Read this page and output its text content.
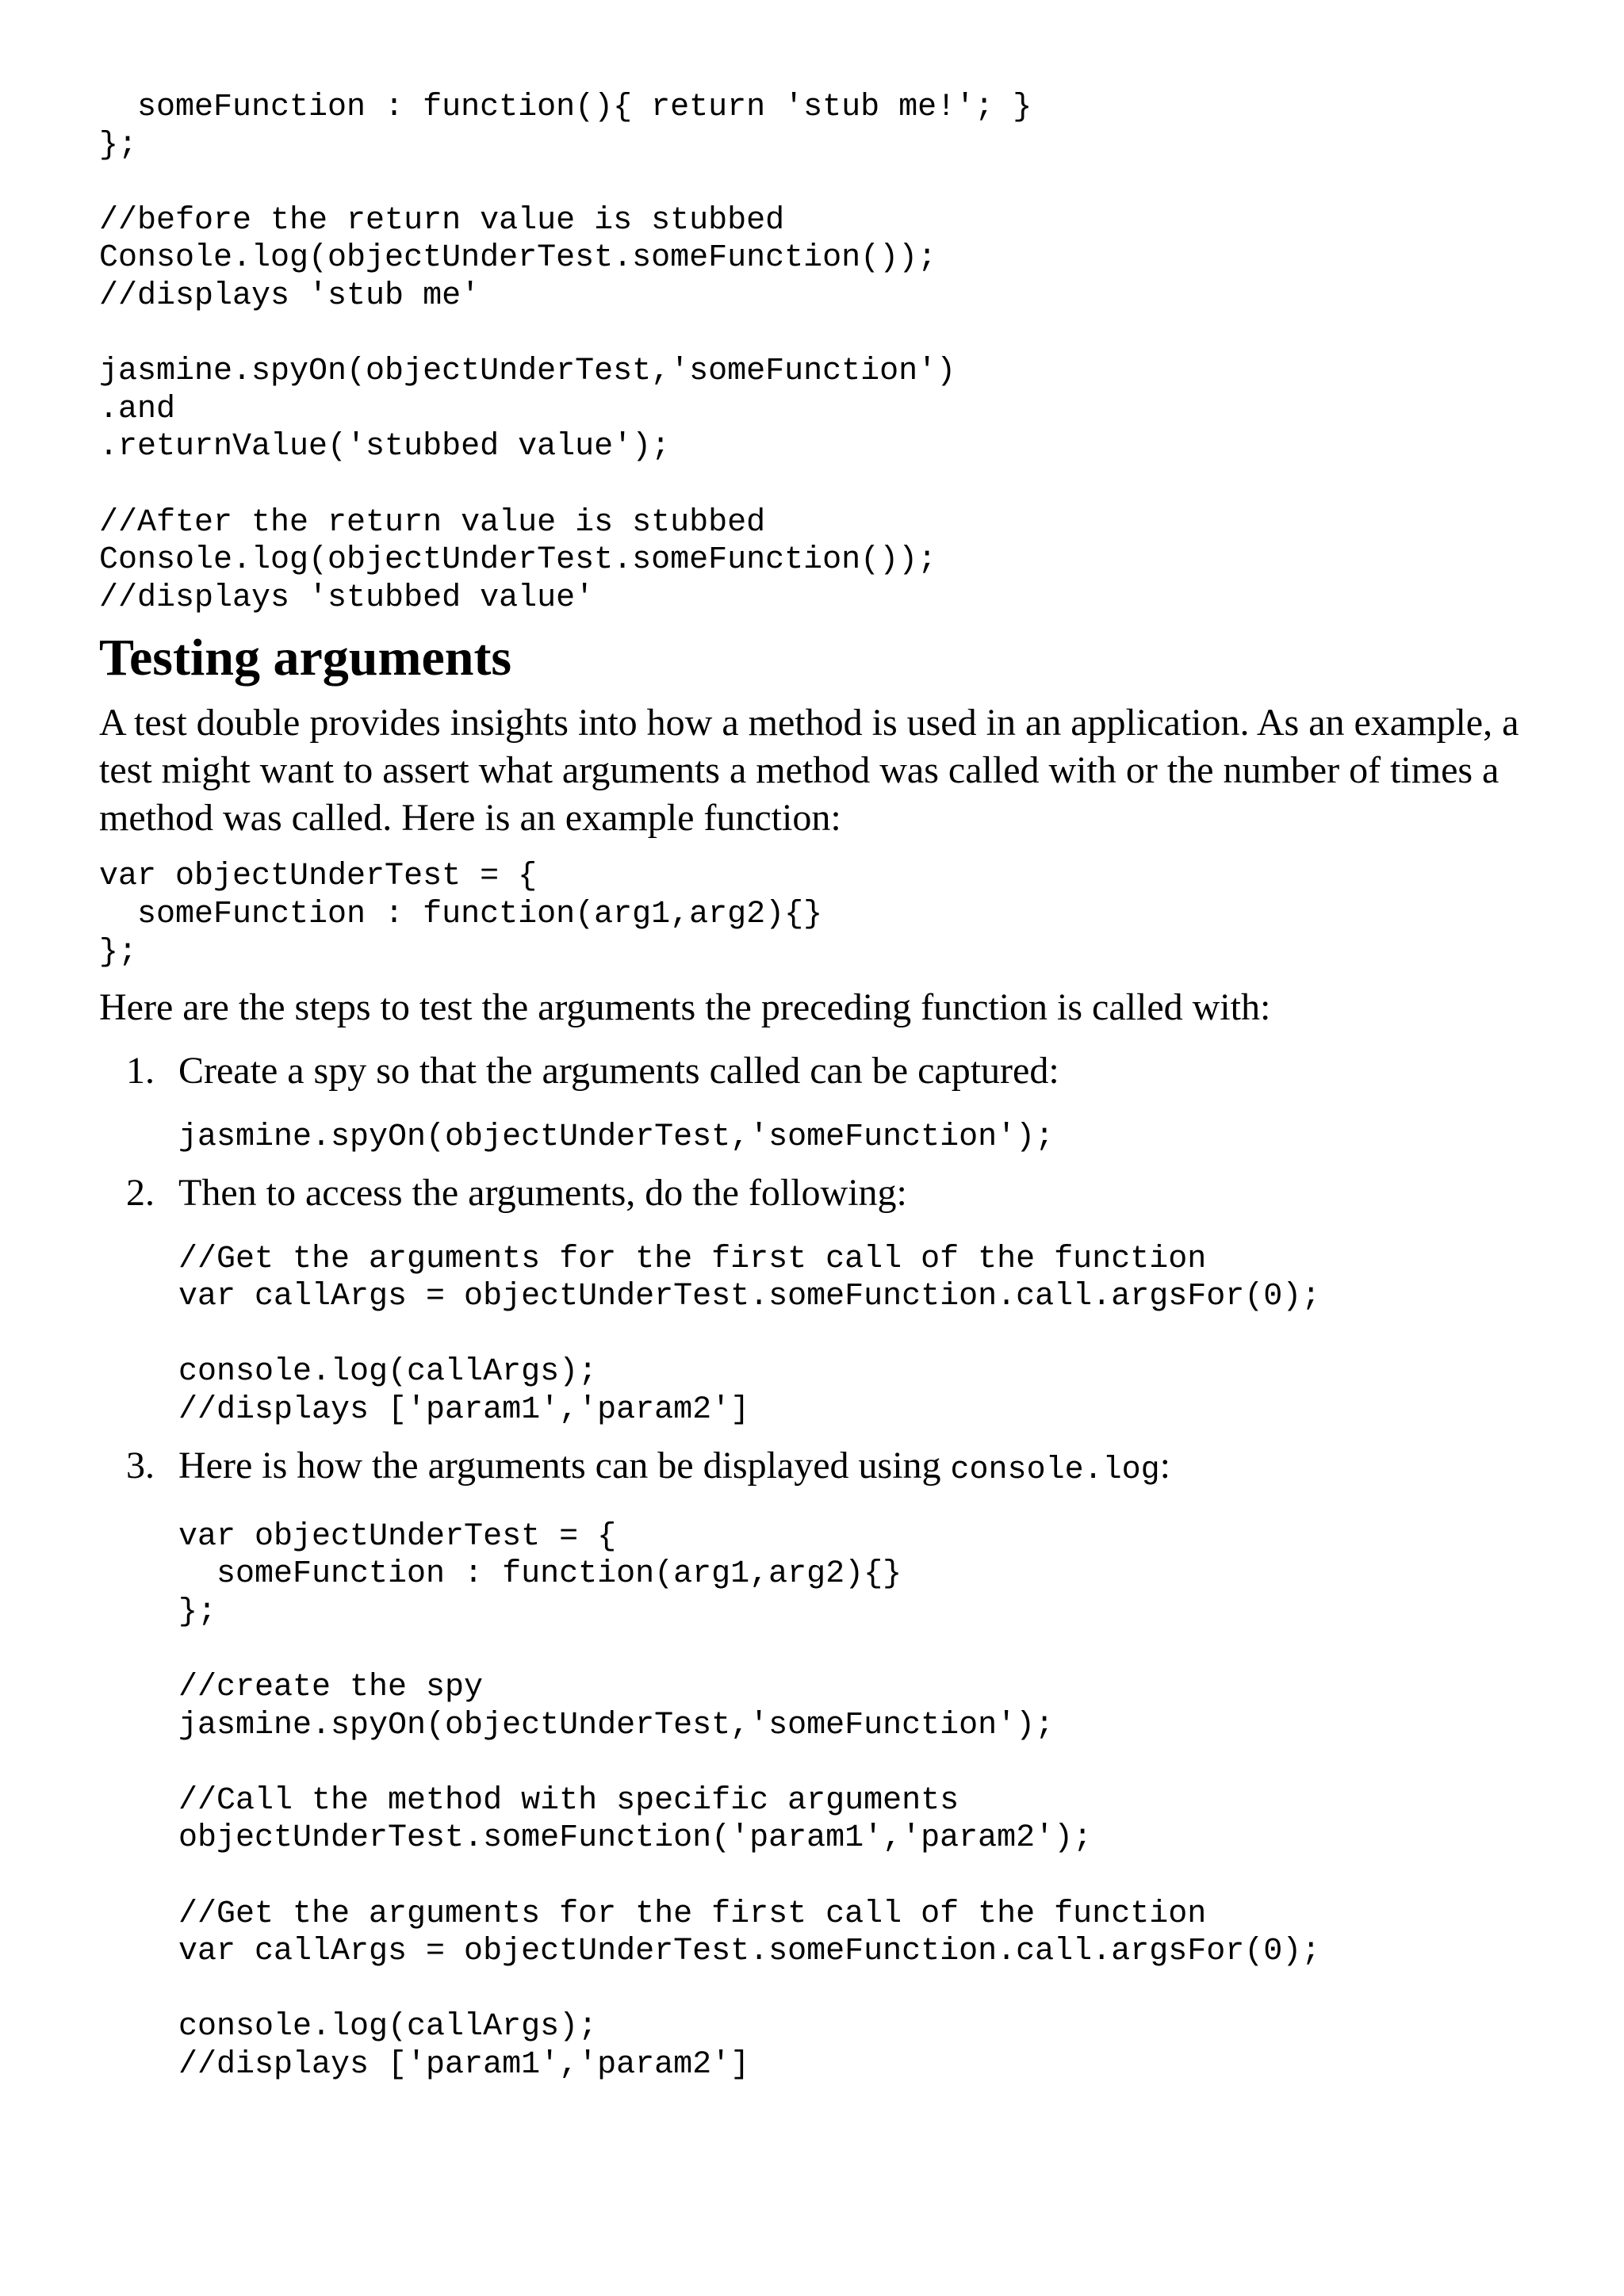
someFunction : function(){ return 'stub me!'; }
};

//before the return value is stubbed
Console.log(objectUnderTest.someFunction());
//displays 'stub me'

jasmine.spyOn(objectUnderTest,'someFunction')
.and
.returnValue('stubbed value');

//After the return value is stubbed
Console.log(objectUnderTest.someFunction());
//displays 'stubbed value'
Testing arguments

A test double provides insights into how a method is used in an application. As an example, a test might want to assert what arguments a method was called with or the number of times a method was called. Here is an example function:

var objectUnderTest = {
someFunction : function(arg1,arg2){}
};

Here are the steps to test the arguments the preceding function is called with:

1. Create a spy so that the arguments called can be captured:

jasmine.spyOn(objectUnderTest,'someFunction');
2. Then to access the arguments, do the following:

//Get the arguments for the first call of the function
var callArgs = objectUnderTest.someFunction.call.argsFor(0);

console.log(callArgs);
//displays ['param1','param2']
3. Here is how the arguments can be displayed using console.log:

var objectUnderTest = {
someFunction : function(arg1,arg2){}
};

//create the spy
jasmine.spyOn(objectUnderTest,'someFunction');

//Call the method with specific arguments
objectUnderTest.someFunction('param1','param2');

//Get the arguments for the first call of the function
var callArgs = objectUnderTest.someFunction.call.argsFor(0);

console.log(callArgs);
//displays ['param1','param2']
